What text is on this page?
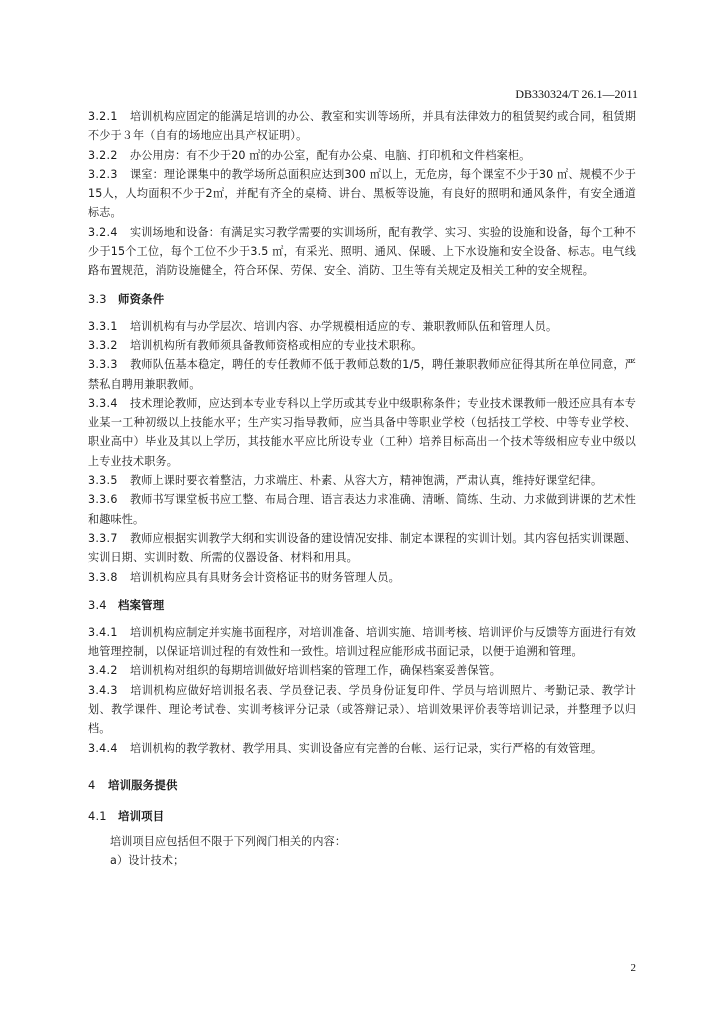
DB330324/T 26.1—2011

3.2.1 培训机构应固定的能满足培训的办公、教室和实训等场所，并具有法律效力的租赁契约或合同，租赁期不少于３年（自有的场地应出具产权证明）。

3.2.2 办公用房：有不少于20 ㎡的办公室，配有办公桌、电脑、打印机和文件档案柜。

3.2.3 课室：理论课集中的教学场所总面积应达到300 ㎡以上，无危房，每个课室不少于30 ㎡、规模不少于15人，人均面积不少于2㎡，并配有齐全的桌椅、讲台、黑板等设施，有良好的照明和通风条件，有安全通道标志。

3.2.4 实训场地和设备：有满足实习教学需要的实训场所，配有教学、实习、实验的设施和设备，每个工种不少于15个工位，每个工位不少于3.5 ㎡，有采光、照明、通风、保暖、上下水设施和安全设备、标志。电气线路布置规范，消防设施健全，符合环保、劳保、安全、消防、卫生等有关规定及相关工种的安全规程。

3.3 师资条件

3.3.1 培训机构有与办学层次、培训内容、办学规模相适应的专、兼职教师队伍和管理人员。

3.3.2 培训机构所有教师须具备教师资格或相应的专业技术职称。

3.3.3 教师队伍基本稳定，聘任的专任教师不低于教师总数的1/5，聘任兼职教师应征得其所在单位同意，严禁私自聘用兼职教师。

3.3.4 技术理论教师，应达到本专业专科以上学历或其专业中级职称条件；专业技术课教师一般还应具有本专业某一工种初级以上技能水平；生产实习指导教师，应当具备中等职业学校（包括技工学校、中等专业学校、职业高中）毕业及其以上学历，其技能水平应比所设专业（工种）培养目标高出一个技术等级相应专业中级以上专业技术职务。

3.3.5 教师上课时要衣着整洁，力求端庄、朴素、从容大方，精神饱满，严肃认真，维持好课堂纪律。

3.3.6 教师书写课堂板书应工整、布局合理、语言表达力求准确、清晰、简练、生动、力求做到讲课的艺术性和趣味性。

3.3.7 教师应根据实训教学大纲和实训设备的建设情况安排、制定本课程的实训计划。其内容包括实训课题、实训日期、实训时数、所需的仪器设备、材料和用具。

3.3.8 培训机构应具有具财务会计资格证书的财务管理人员。

3.4 档案管理

3.4.1 培训机构应制定并实施书面程序，对培训准备、培训实施、培训考核、培训评价与反馈等方面进行有效地管理控制，以保证培训过程的有效性和一致性。培训过程应能形成书面记录，以便于追溯和管理。

3.4.2 培训机构对组织的每期培训做好培训档案的管理工作，确保档案妥善保管。

3.4.3 培训机构应做好培训报名表、学员登记表、学员身份证复印件、学员与培训照片、考勤记录、教学计划、教学课件、理论考试卷、实训考核评分记录（或答辩记录）、培训效果评价表等培训记录，并整理予以归档。

3.4.4 培训机构的教学教材、教学用具、实训设备应有完善的台帐、运行记录，实行严格的有效管理。

4 培训服务提供

4.1 培训项目

培训项目应包括但不限于下列阀门相关的内容：

a）设计技术；

2
